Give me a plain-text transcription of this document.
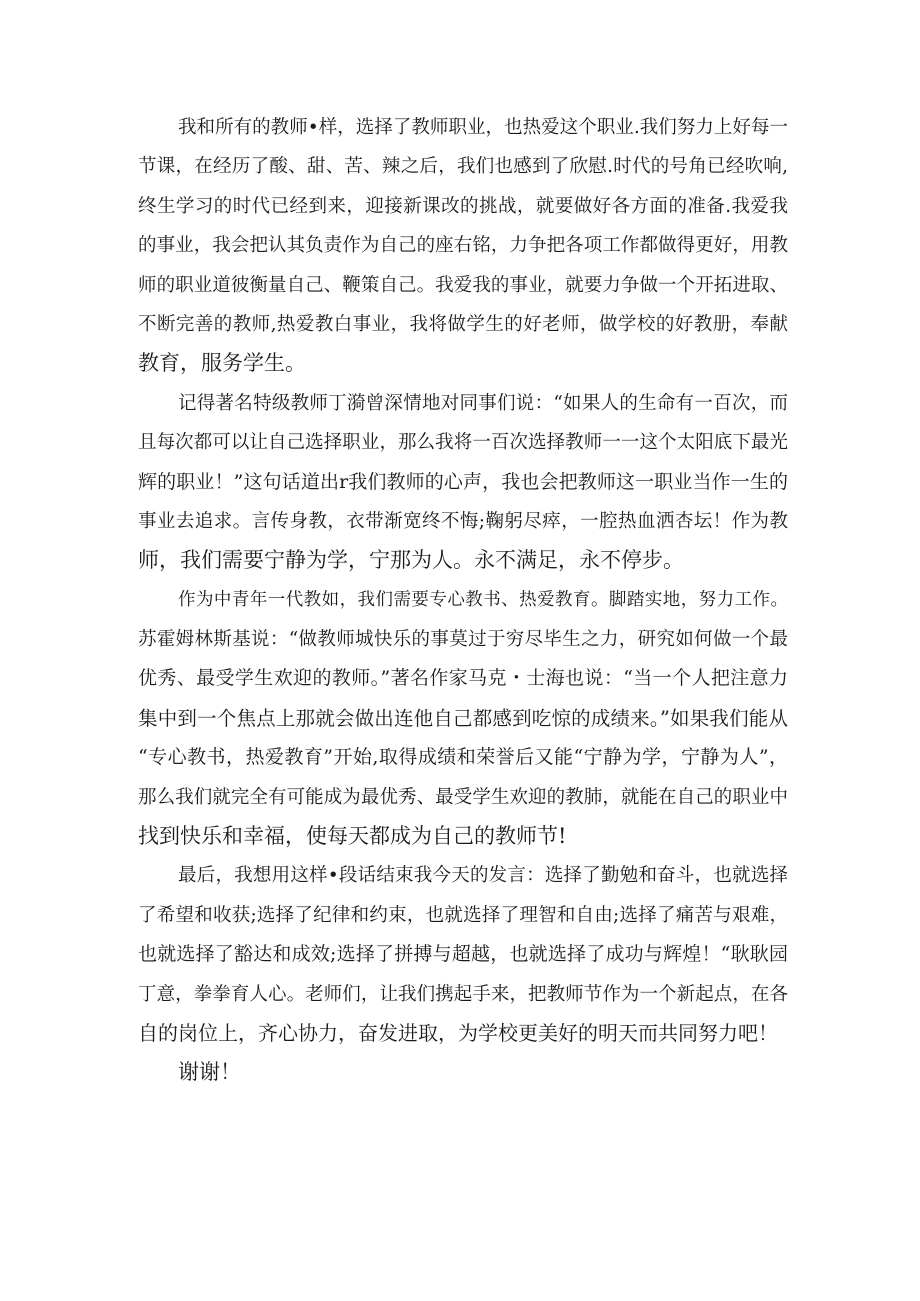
我和所有的教师•样，选择了教师职业，也热爱这个职业.我们努力上好每一
节课，在经历了酸、甜、苦、辣之后，我们也感到了欣慰.时代的号角已经吹响,
终生学习的时代已经到来，迎接新课改的挑战，就要做好各方面的准备.我爱我
的事业，我会把认其负责作为自己的座右铭，力争把各项工作都做得更好，用教
师的职业道彼衡量自己、鞭策自己。我爱我的事业，就要力争做一个开拓进取、
不断完善的教师,热爱教白事业，我将做学生的好老师，做学校的好教册，奉献
教育，服务学生。
记得著名特级教师丁漪曾深情地对同事们说：“如果人的生命有一百次，而
且每次都可以让自己选择职业，那么我将一百次选择教师一一这个太阳底下最光
辉的职业！”这句话道出r我们教师的心声，我也会把教师这一职业当作一生的
事业去追求。言传身教，衣带渐宽终不悔;鞠躬尽瘁，一腔热血洒杏坛！作为教
师，我们需要宁静为学，宁那为人。永不满足，永不停步。
作为中青年一代教如，我们需要专心教书、热爱教育。脚踏实地，努力工作。
苏霍姆林斯基说：“做教师城快乐的事莫过于穷尽毕生之力，研究如何做一个最
优秀、最受学生欢迎的教师。”著名作家马克・士海也说：“当一个人把注意力
集中到一个焦点上那就会做出连他自己都感到吃惊的成绩来。”如果我们能从
“专心教书，热爱教育”开始,取得成绩和荣誉后又能“宁静为学，宁静为人”，
那么我们就完全有可能成为最优秀、最受学生欢迎的教肺，就能在自己的职业中
找到快乐和幸福，使每天都成为自己的教师节!
最后，我想用这样•段话结束我今天的发言：选择了勤勉和奋斗，也就选择
了希望和收获;选择了纪律和约束，也就选择了理智和自由;选择了痛苦与艰难，
也就选择了豁达和成效;选择了拼搏与超越，也就选择了成功与辉煌！“耿耿园
丁意，拳拳育人心。老师们，让我们携起手来，把教师节作为一个新起点，在各
自的岗位上，齐心协力，奋发进取，为学校更美好的明天而共同努力吧！
谢谢！
